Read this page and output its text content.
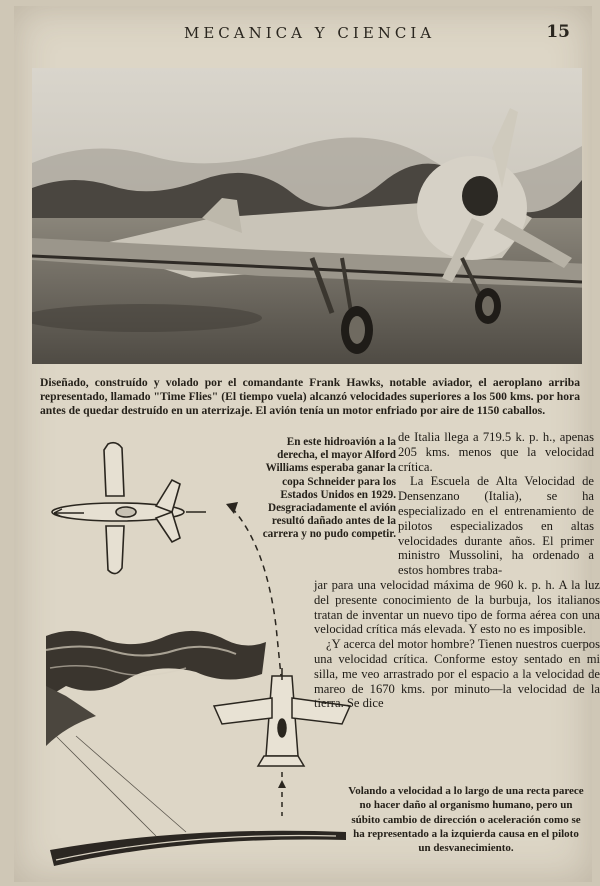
MECANICA Y CIENCIA	15
Diseñado, construído y volado por el comandante Frank Hawks, notable aviador, el aeroplano arriba representado, llamado "Time Flies" (El tiempo vuela) alcanzó velocidades superiores a los 500 kms. por hora antes de quedar destruído en un aterrizaje. El avión tenía un motor enfriado por aire de 1150 caballos.
En este hidroavión a la derecha, el mayor Alford Williams esperaba ganar la copa Schneider para los Estados Unidos en 1929. Desgraciadamente el avión resultó dañado antes de la carrera y no pudo competir.

de Italia llega a 719.5 k. p. h., apenas 205 kms. menos que la velocidad crítica.

La Escuela de Alta Velocidad de Densenzano (Italia), se ha especializado en el entrenamiento de pilotos especializados en altas velocidades durante años. El primer ministro Mussolini, ha ordenado a estos hombres traba-

jar para una velocidad máxima de 960 k. p. h. A la luz del presente conocimiento de la burbuja, los italianos tratan de inventar un nuevo tipo de forma aérea con una velocidad crítica más elevada. Y esto no es imposible.

¿Y acerca del motor hombre? Tienen nuestros cuerpos una velocidad crítica. Conforme estoy sentado en mi silla, me veo arrastrado por el espacio a la velocidad de mareo de 1670 kms. por minuto—la velocidad de la tierra. Se dice

Volando a velocidad a lo largo de una recta parece no hacer daño al organismo humano, pero un súbito cambio de dirección o aceleración como se ha representado a la izquierda causa en el piloto un desvanecimiento.
